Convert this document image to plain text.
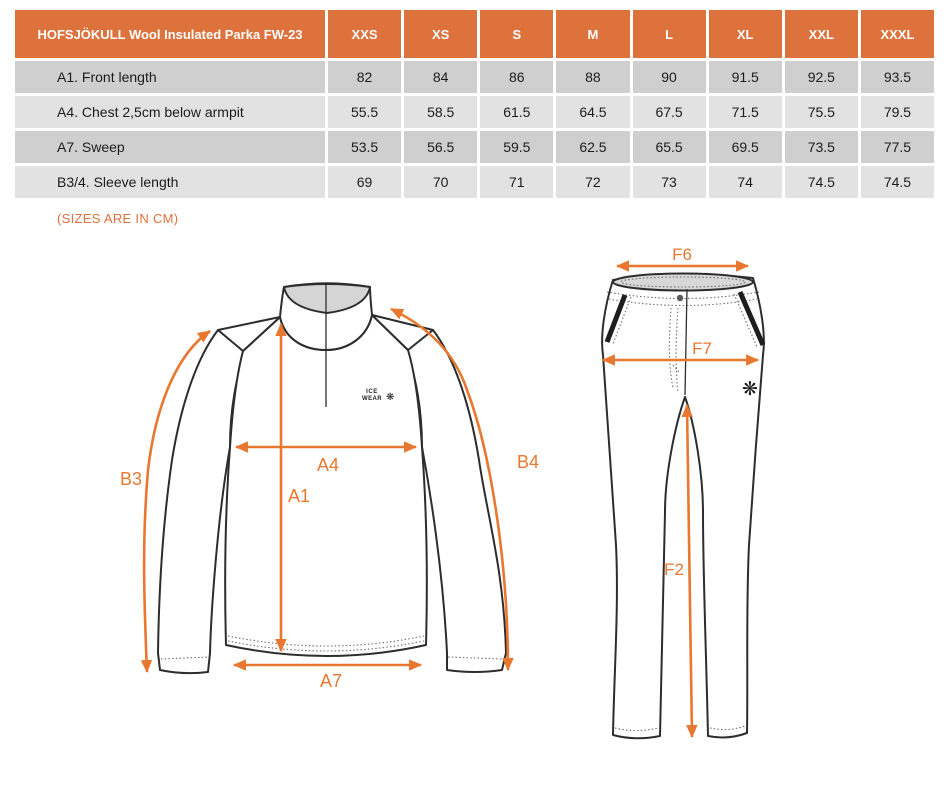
HOFSJÖKULL Wool Insulated Parka FW-23	XXS	XS	S	M	L	XL	XXL	XXXL
A1. Front length	82	84	86	88	90	91.5	92.5	93.5
A4. Chest 2,5cm below armpit	55.5	58.5	61.5	64.5	67.5	71.5	75.5	79.5
A7. Sweep	53.5	56.5	59.5	62.5	65.5	69.5	73.5	77.5
B3/4. Sleeve length	69	70	71	72	73	74	74.5	74.5
(SIZES ARE IN CM)
ICE
WEAR ❋
A4
A1
A7
B3
B4
❋
F6
F7
F2
